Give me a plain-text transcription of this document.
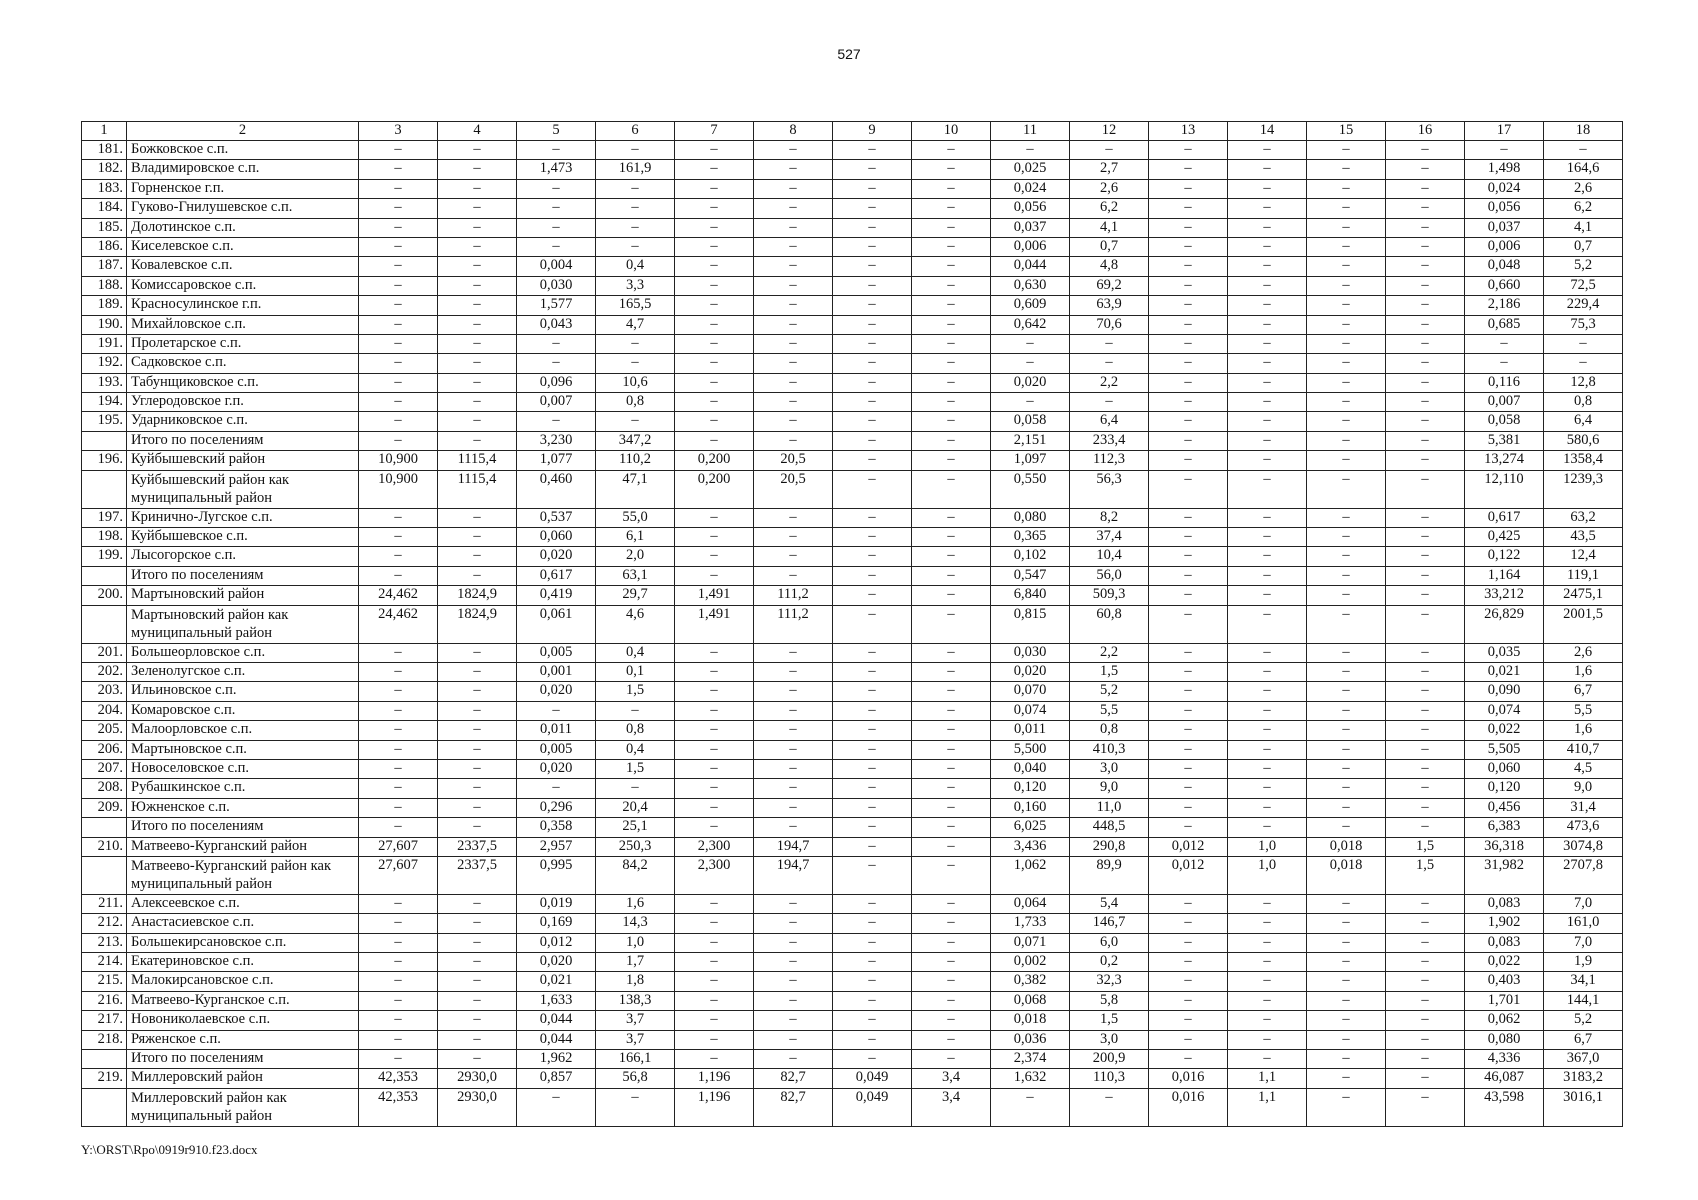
527
1	2	3	4	5	6	7	8	9	10	11	12	13	14	15	16	17	18
181.	Божковское с.п.	–	–	–	–	–	–	–	–	–	–	–	–	–	–	–	–
182.	Владимировское с.п.	–	–	1,473	161,9	–	–	–	–	0,025	2,7	–	–	–	–	1,498	164,6
183.	Горненское г.п.	–	–	–	–	–	–	–	–	0,024	2,6	–	–	–	–	0,024	2,6
184.	Гуково-Гнилушевское с.п.	–	–	–	–	–	–	–	–	0,056	6,2	–	–	–	–	0,056	6,2
185.	Долотинское с.п.	–	–	–	–	–	–	–	–	0,037	4,1	–	–	–	–	0,037	4,1
186.	Киселевское с.п.	–	–	–	–	–	–	–	–	0,006	0,7	–	–	–	–	0,006	0,7
187.	Ковалевское с.п.	–	–	0,004	0,4	–	–	–	–	0,044	4,8	–	–	–	–	0,048	5,2
188.	Комиссаровское с.п.	–	–	0,030	3,3	–	–	–	–	0,630	69,2	–	–	–	–	0,660	72,5
189.	Красносулинское г.п.	–	–	1,577	165,5	–	–	–	–	0,609	63,9	–	–	–	–	2,186	229,4
190.	Михайловское с.п.	–	–	0,043	4,7	–	–	–	–	0,642	70,6	–	–	–	–	0,685	75,3
191.	Пролетарское с.п.	–	–	–	–	–	–	–	–	–	–	–	–	–	–	–	–
192.	Садковское с.п.	–	–	–	–	–	–	–	–	–	–	–	–	–	–	–	–
193.	Табунщиковское с.п.	–	–	0,096	10,6	–	–	–	–	0,020	2,2	–	–	–	–	0,116	12,8
194.	Углеродовское г.п.	–	–	0,007	0,8	–	–	–	–	–	–	–	–	–	–	0,007	0,8
195.	Ударниковское с.п.	–	–	–	–	–	–	–	–	0,058	6,4	–	–	–	–	0,058	6,4
	Итого по поселениям	–	–	3,230	347,2	–	–	–	–	2,151	233,4	–	–	–	–	5,381	580,6
196.	Куйбышевский район	10,900	1115,4	1,077	110,2	0,200	20,5	–	–	1,097	112,3	–	–	–	–	13,274	1358,4
	Куйбышевский район как муниципальный район	10,900	1115,4	0,460	47,1	0,200	20,5	–	–	0,550	56,3	–	–	–	–	12,110	1239,3
197.	Кринично-Лугское с.п.	–	–	0,537	55,0	–	–	–	–	0,080	8,2	–	–	–	–	0,617	63,2
198.	Куйбышевское с.п.	–	–	0,060	6,1	–	–	–	–	0,365	37,4	–	–	–	–	0,425	43,5
199.	Лысогорское с.п.	–	–	0,020	2,0	–	–	–	–	0,102	10,4	–	–	–	–	0,122	12,4
	Итого по поселениям	–	–	0,617	63,1	–	–	–	–	0,547	56,0	–	–	–	–	1,164	119,1
200.	Мартыновский район	24,462	1824,9	0,419	29,7	1,491	111,2	–	–	6,840	509,3	–	–	–	–	33,212	2475,1
	Мартыновский район как муниципальный район	24,462	1824,9	0,061	4,6	1,491	111,2	–	–	0,815	60,8	–	–	–	–	26,829	2001,5
201.	Большеорловское с.п.	–	–	0,005	0,4	–	–	–	–	0,030	2,2	–	–	–	–	0,035	2,6
202.	Зеленолугское с.п.	–	–	0,001	0,1	–	–	–	–	0,020	1,5	–	–	–	–	0,021	1,6
203.	Ильиновское с.п.	–	–	0,020	1,5	–	–	–	–	0,070	5,2	–	–	–	–	0,090	6,7
204.	Комаровское с.п.	–	–	–	–	–	–	–	–	0,074	5,5	–	–	–	–	0,074	5,5
205.	Малоорловское с.п.	–	–	0,011	0,8	–	–	–	–	0,011	0,8	–	–	–	–	0,022	1,6
206.	Мартыновское с.п.	–	–	0,005	0,4	–	–	–	–	5,500	410,3	–	–	–	–	5,505	410,7
207.	Новоселовское с.п.	–	–	0,020	1,5	–	–	–	–	0,040	3,0	–	–	–	–	0,060	4,5
208.	Рубашкинское с.п.	–	–	–	–	–	–	–	–	0,120	9,0	–	–	–	–	0,120	9,0
209.	Южненское с.п.	–	–	0,296	20,4	–	–	–	–	0,160	11,0	–	–	–	–	0,456	31,4
	Итого по поселениям	–	–	0,358	25,1	–	–	–	–	6,025	448,5	–	–	–	–	6,383	473,6
210.	Матвеево-Курганский район	27,607	2337,5	2,957	250,3	2,300	194,7	–	–	3,436	290,8	0,012	1,0	0,018	1,5	36,318	3074,8
	Матвеево-Курганский район как муниципальный район	27,607	2337,5	0,995	84,2	2,300	194,7	–	–	1,062	89,9	0,012	1,0	0,018	1,5	31,982	2707,8
211.	Алексеевское с.п.	–	–	0,019	1,6	–	–	–	–	0,064	5,4	–	–	–	–	0,083	7,0
212.	Анастасиевское с.п.	–	–	0,169	14,3	–	–	–	–	1,733	146,7	–	–	–	–	1,902	161,0
213.	Большекирсановское с.п.	–	–	0,012	1,0	–	–	–	–	0,071	6,0	–	–	–	–	0,083	7,0
214.	Екатериновское с.п.	–	–	0,020	1,7	–	–	–	–	0,002	0,2	–	–	–	–	0,022	1,9
215.	Малокирсановское с.п.	–	–	0,021	1,8	–	–	–	–	0,382	32,3	–	–	–	–	0,403	34,1
216.	Матвеево-Курганское с.п.	–	–	1,633	138,3	–	–	–	–	0,068	5,8	–	–	–	–	1,701	144,1
217.	Новониколаевское с.п.	–	–	0,044	3,7	–	–	–	–	0,018	1,5	–	–	–	–	0,062	5,2
218.	Ряженское с.п.	–	–	0,044	3,7	–	–	–	–	0,036	3,0	–	–	–	–	0,080	6,7
	Итого по поселениям	–	–	1,962	166,1	–	–	–	–	2,374	200,9	–	–	–	–	4,336	367,0
219.	Миллеровский район	42,353	2930,0	0,857	56,8	1,196	82,7	0,049	3,4	1,632	110,3	0,016	1,1	–	–	46,087	3183,2
	Миллеровский район как муниципальный район	42,353	2930,0	–	–	1,196	82,7	0,049	3,4	–	–	0,016	1,1	–	–	43,598	3016,1
Y:\ORST\Rpo\0919r910.f23.docx
